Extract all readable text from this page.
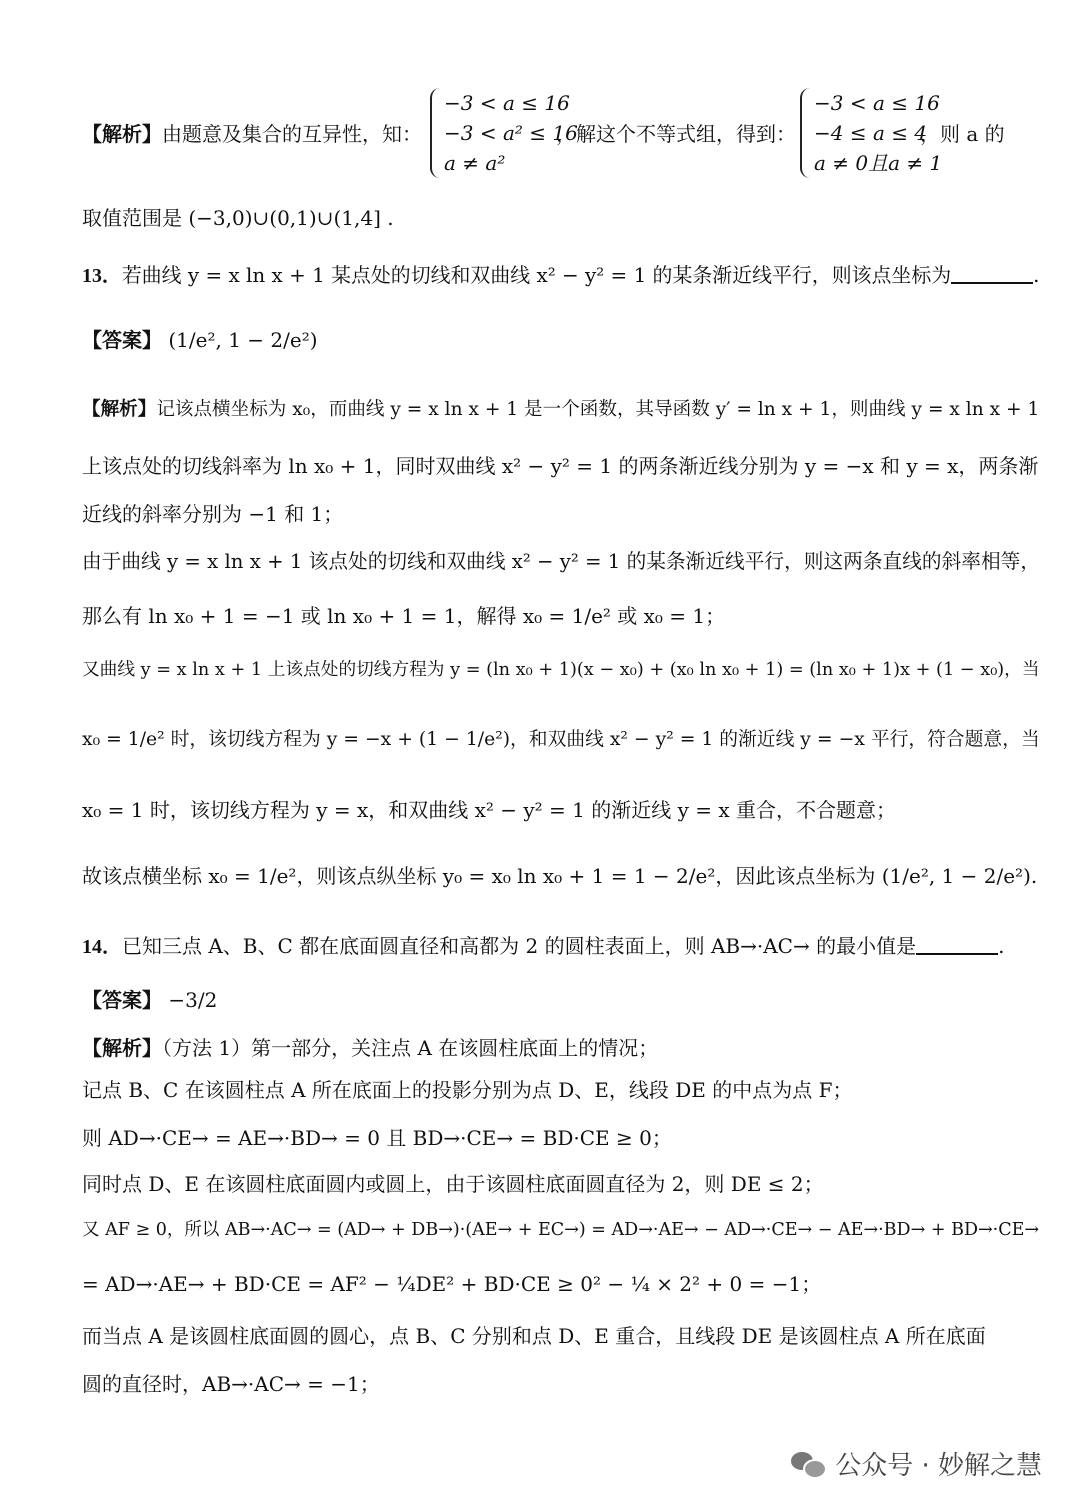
【解析】由题意及集合的互异性，知：
−3 < a ≤ 16
−3 < a² ≤ 16
a ≠ a²
，解这个不等式组，得到：
−3 < a ≤ 16
−4 ≤ a ≤ 4
a ≠ 0且a ≠ 1
，则 a 的
取值范围是 (−3,0)∪(0,1)∪(1,4] .
13．若曲线 y = x ln x + 1 某点处的切线和双曲线 x² − y² = 1 的某条渐近线平行，则该点坐标为	.
【答案】 (1/e², 1 − 2/e²)
【解析】记该点横坐标为 x₀，而曲线 y = x ln x + 1 是一个函数，其导函数 y′ = ln x + 1，则曲线 y = x ln x + 1
上该点处的切线斜率为 ln x₀ + 1，同时双曲线 x² − y² = 1 的两条渐近线分别为 y = −x 和 y = x，两条渐
近线的斜率分别为 −1 和 1；
由于曲线 y = x ln x + 1 该点处的切线和双曲线 x² − y² = 1 的某条渐近线平行，则这两条直线的斜率相等，
那么有 ln x₀ + 1 = −1 或 ln x₀ + 1 = 1，解得 x₀ = 1/e² 或 x₀ = 1；
又曲线 y = x ln x + 1 上该点处的切线方程为 y = (ln x₀ + 1)(x − x₀) + (x₀ ln x₀ + 1) = (ln x₀ + 1)x + (1 − x₀)，当
x₀ = 1/e² 时，该切线方程为 y = −x + (1 − 1/e²)，和双曲线 x² − y² = 1 的渐近线 y = −x 平行，符合题意，当
x₀ = 1 时，该切线方程为 y = x，和双曲线 x² − y² = 1 的渐近线 y = x 重合，不合题意；
故该点横坐标 x₀ = 1/e²，则该点纵坐标 y₀ = x₀ ln x₀ + 1 = 1 − 2/e²，因此该点坐标为 (1/e², 1 − 2/e²).
14．已知三点 A、B、C 都在底面圆直径和高都为 2 的圆柱表面上，则 AB→·AC→ 的最小值是	.
【答案】 −3/2
【解析】（方法 1）第一部分，关注点 A 在该圆柱底面上的情况；
记点 B、C 在该圆柱点 A 所在底面上的投影分别为点 D、E，线段 DE 的中点为点 F；
则 AD→·CE→ = AE→·BD→ = 0 且 BD→·CE→ = BD·CE ≥ 0；
同时点 D、E 在该圆柱底面圆内或圆上，由于该圆柱底面圆直径为 2，则 DE ≤ 2；
又 AF ≥ 0，所以 AB→·AC→ = (AD→ + DB→)·(AE→ + EC→) = AD→·AE→ − AD→·CE→ − AE→·BD→ + BD→·CE→
= AD→·AE→ + BD·CE = AF² − ¼DE² + BD·CE ≥ 0² − ¼ × 2² + 0 = −1；
而当点 A 是该圆柱底面圆的圆心，点 B、C 分别和点 D、E 重合，且线段 DE 是该圆柱点 A 所在底面
圆的直径时，AB→·AC→ = −1；
公众号 · 妙解之慧
